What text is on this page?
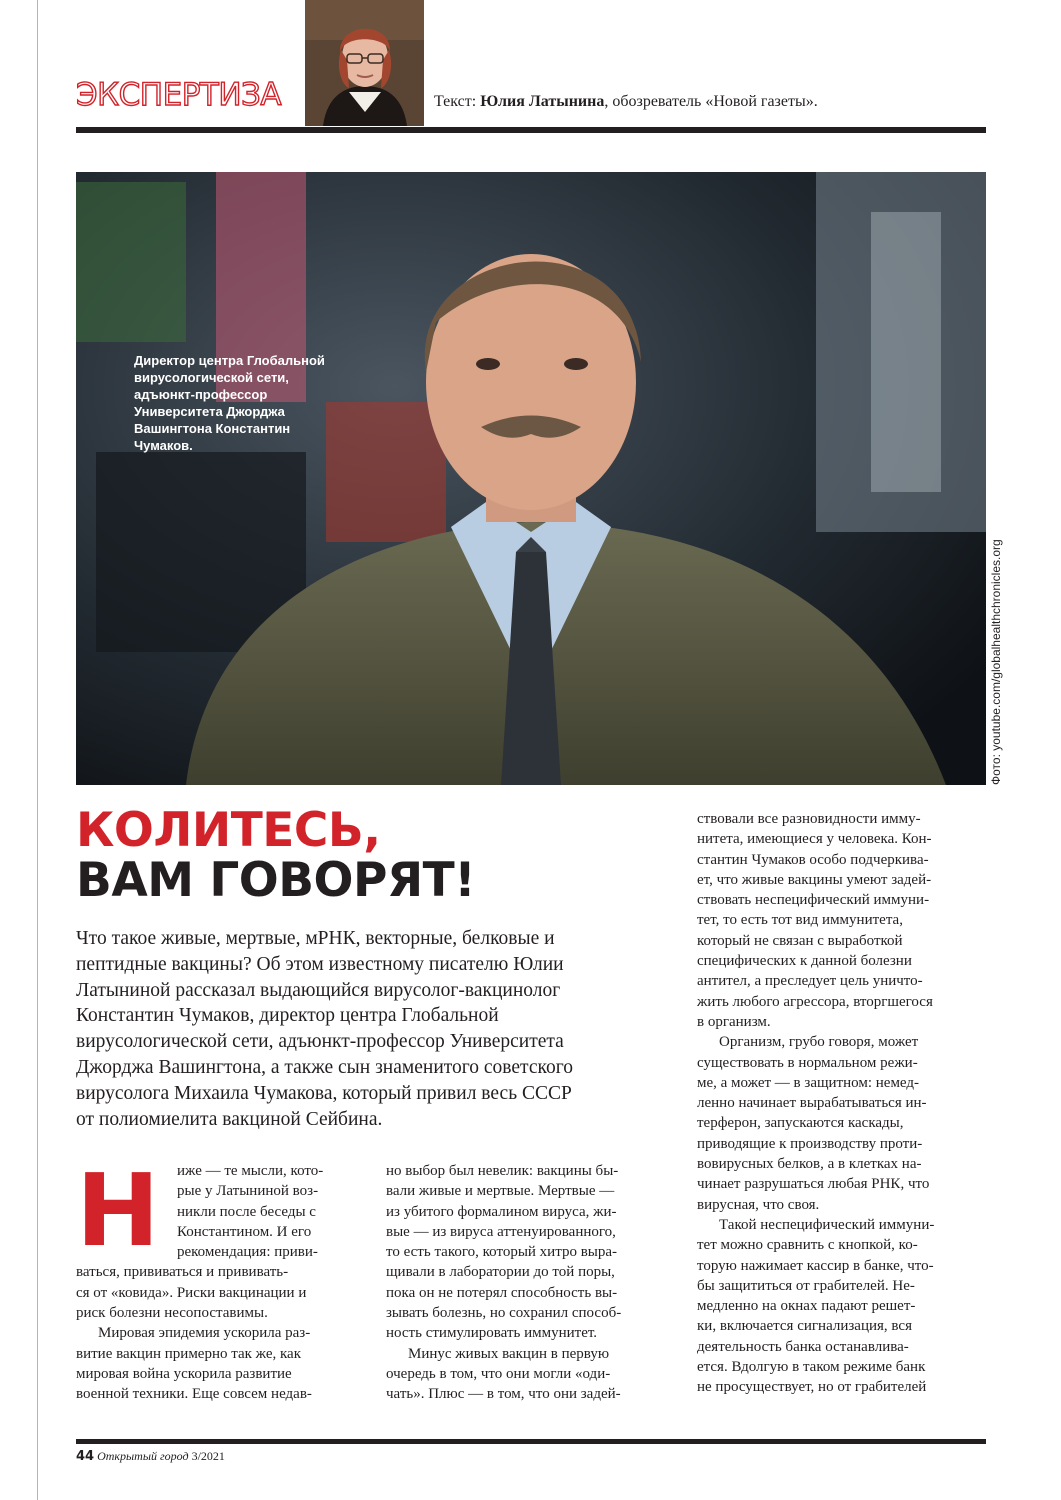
ЭКСПЕРТИЗА	Текст: Юлия Латынина, обозреватель «Новой газеты».
Директор центра Глобальной
вирусологической сети,
адъюнкт-профессор
Университета Джорджа
Вашингтона Константин
Чумаков.
Фото: youtube.com/globalhealthchronicles.org
КОЛИТЕСЬ,
ВАМ ГОВОРЯТ!
Что такое живые, мертвые, мРНК, векторные, белковые и
пептидные вакцины? Об этом известному писателю Юлии
Латыниной рассказал выдающийся вирусолог-вакцинолог
Константин Чумаков, директор центра Глобальной
вирусологической сети, адъюнкт-профессор Университета
Джорджа Вашингтона, а также сын знаменитого советского
вирусолога Михаила Чумакова, который привил весь СССР
от полиомиелита вакциной Сейбина.
Н	иже — те мысли, кото-
рые у Латыниной воз-
никли после беседы с
Константином. И его
рекомендация: приви-
ваться, прививаться и прививать-
ся от «ковида». Риски вакцинации и
риск болезни несопоставимы.
Мировая эпидемия ускорила раз-
витие вакцин примерно так же, как
мировая война ускорила развитие
военной техники. Еще совсем недав-
но выбор был невелик: вакцины бы-
вали живые и мертвые. Мертвые —
из убитого формалином вируса, жи-
вые — из вируса аттенуированного,
то есть такого, который хитро выра-
щивали в лаборатории до той поры,
пока он не потерял способность вы-
зывать болезнь, но сохранил способ-
ность стимулировать иммунитет.
Минус живых вакцин в первую
очередь в том, что они могли «оди-
чать». Плюс — в том, что они задей-
ствовали все разновидности имму-
нитета, имеющиеся у человека. Кон-
стантин Чумаков особо подчеркива-
ет, что живые вакцины умеют задей-
ствовать неспецифический иммуни-
тет, то есть тот вид иммунитета,
который не связан с выработкой
специфических к данной болезни
антител, а преследует цель уничто-
жить любого агрессора, вторгшегося
в организм.
Организм, грубо говоря, может
существовать в нормальном режи-
ме, а может — в защитном: немед-
ленно начинает вырабатываться ин-
терферон, запускаются каскады,
приводящие к производству проти-
вовирусных белков, а в клетках на-
чинает разрушаться любая РНК, что
вирусная, что своя.
Такой неспецифический иммуни-
тет можно сравнить с кнопкой, ко-
торую нажимает кассир в банке, что-
бы защититься от грабителей. Не-
медленно на окнах падают решет-
ки, включается сигнализация, вся
деятельность банка останавлива-
ется. Вдолгую в таком режиме банк
не просуществует, но от грабителей
44 Открытый город 3/2021
